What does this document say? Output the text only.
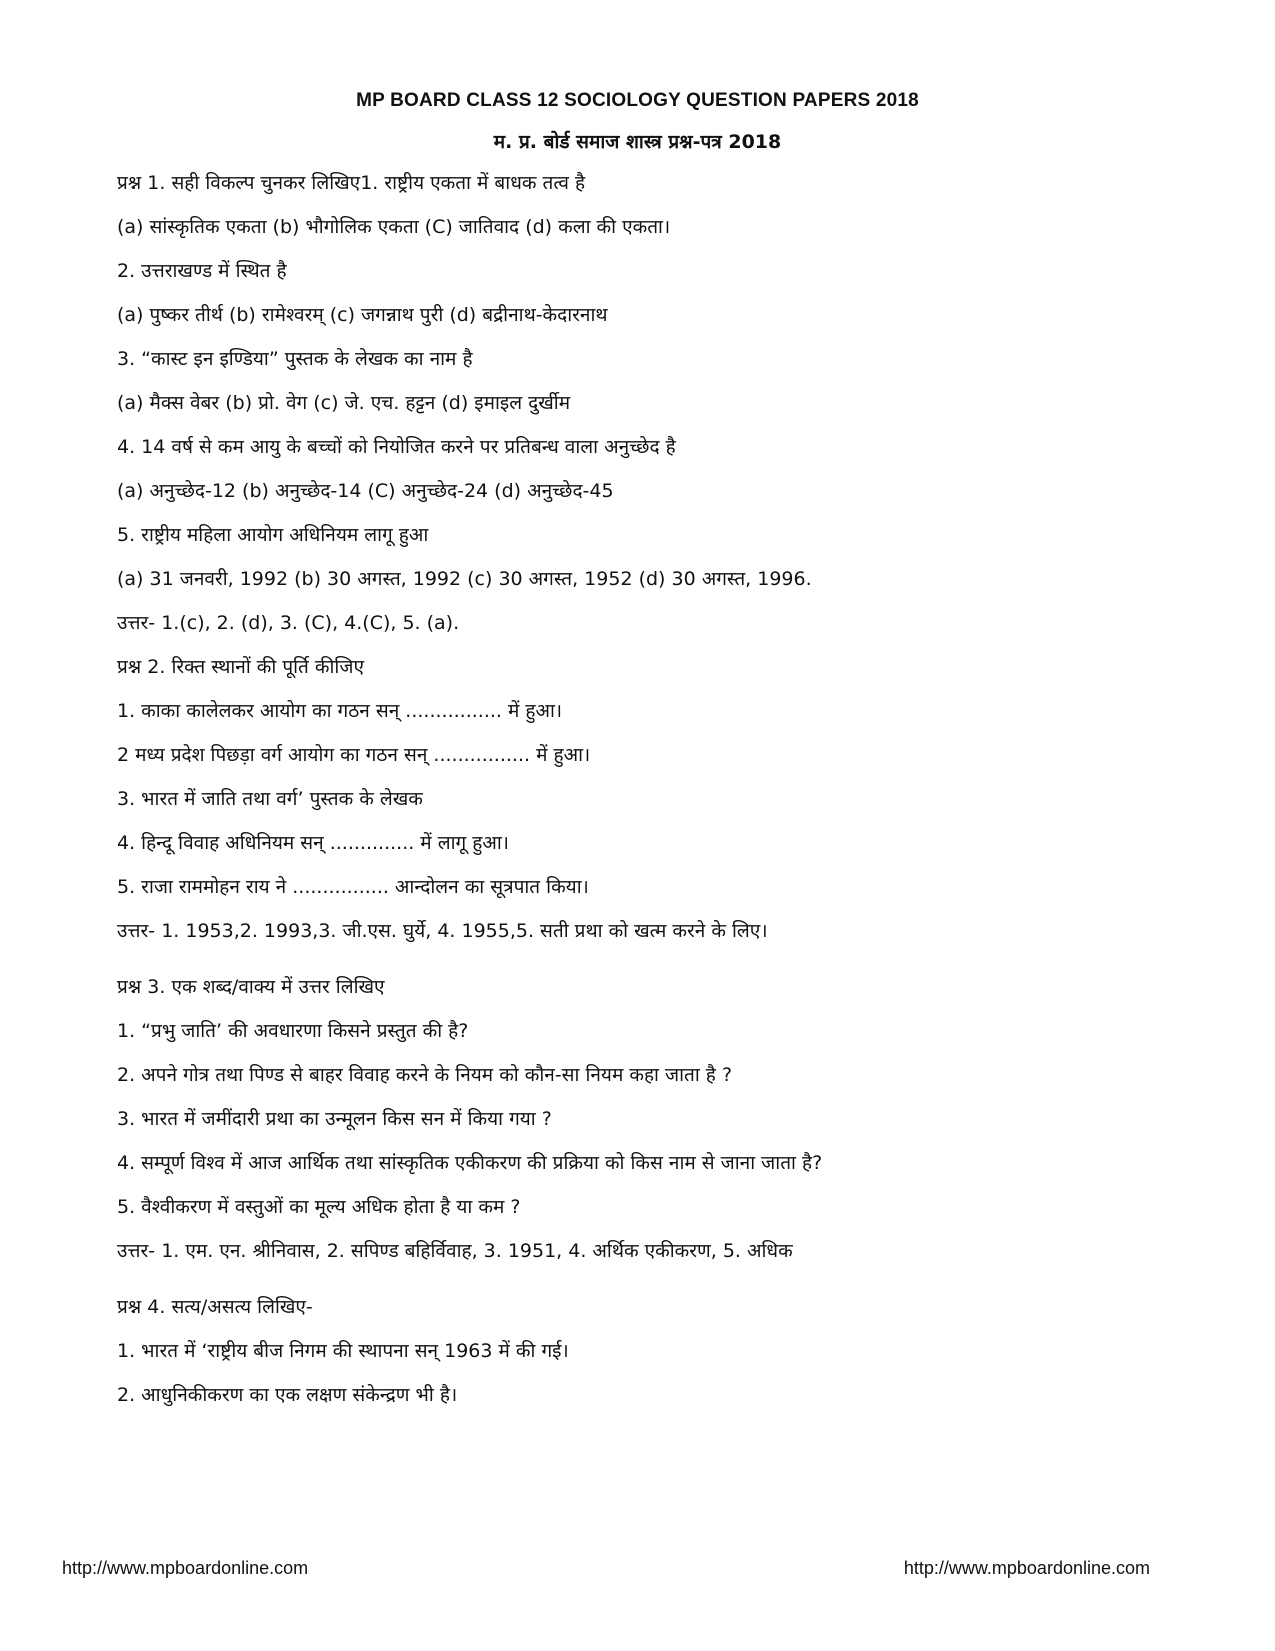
MP BOARD CLASS 12 SOCIOLOGY QUESTION PAPERS 2018
म. प्र. बोर्ड समाज शास्त्र प्रश्न-पत्र 2018
प्रश्न 1. सही विकल्प चुनकर लिखिए1. राष्ट्रीय एकता में बाधक तत्व है
(a) सांस्कृतिक एकता (b) भौगोलिक एकता (C) जातिवाद (d) कला की एकता।
2. उत्तराखण्ड में स्थित है
(a) पुष्कर तीर्थ (b) रामेश्वरम् (c) जगन्नाथ पुरी (d) बद्रीनाथ-केदारनाथ
3. “कास्ट इन इण्डिया” पुस्तक के लेखक का नाम है
(a) मैक्स वेबर (b) प्रो. वेग (c) जे. एच. हट्टन (d) इमाइल दुर्खीम
4. 14 वर्ष से कम आयु के बच्चों को नियोजित करने पर प्रतिबन्ध वाला अनुच्छेद है
(a) अनुच्छेद-12 (b) अनुच्छेद-14 (C) अनुच्छेद-24 (d) अनुच्छेद-45
5. राष्ट्रीय महिला आयोग अधिनियम लागू हुआ
(a) 31 जनवरी, 1992 (b) 30 अगस्त, 1992 (c) 30 अगस्त, 1952 (d) 30 अगस्त, 1996.
उत्तर- 1.(c), 2. (d), 3. (C), 4.(C), 5. (a).
प्रश्न 2. रिक्त स्थानों की पूर्ति कीजिए
1. काका कालेलकर आयोग का गठन सन् ................ में हुआ।
2 मध्य प्रदेश पिछड़ा वर्ग आयोग का गठन सन् ................ में हुआ।
3. भारत में जाति तथा वर्ग’ पुस्तक के लेखक
4. हिन्दू विवाह अधिनियम सन् .............. में लागू हुआ।
5. राजा राममोहन राय ने ................ आन्दोलन का सूत्रपात किया।
उत्तर- 1. 1953,2. 1993,3. जी.एस. घुर्ये, 4. 1955,5. सती प्रथा को खत्म करने के लिए।
प्रश्न 3. एक शब्द/वाक्य में उत्तर लिखिए
1. “प्रभु जाति’ की अवधारणा किसने प्रस्तुत की है?
2. अपने गोत्र तथा पिण्ड से बाहर विवाह करने के नियम को कौन-सा नियम कहा जाता है ?
3. भारत में जमींदारी प्रथा का उन्मूलन किस सन में किया गया ?
4. सम्पूर्ण विश्व में आज आर्थिक तथा सांस्कृतिक एकीकरण की प्रक्रिया को किस नाम से जाना जाता है?
5. वैश्वीकरण में वस्तुओं का मूल्य अधिक होता है या कम ?
उत्तर- 1. एम. एन. श्रीनिवास, 2. सपिण्ड बहिर्विवाह, 3. 1951, 4. अर्थिक एकीकरण, 5. अधिक
प्रश्न 4. सत्य/असत्य लिखिए-
1. भारत में ‘राष्ट्रीय बीज निगम की स्थापना सन् 1963 में की गई।
2. आधुनिकीकरण का एक लक्षण संकेन्द्रण भी है।
http://www.mpboardonline.com	http://www.mpboardonline.com
